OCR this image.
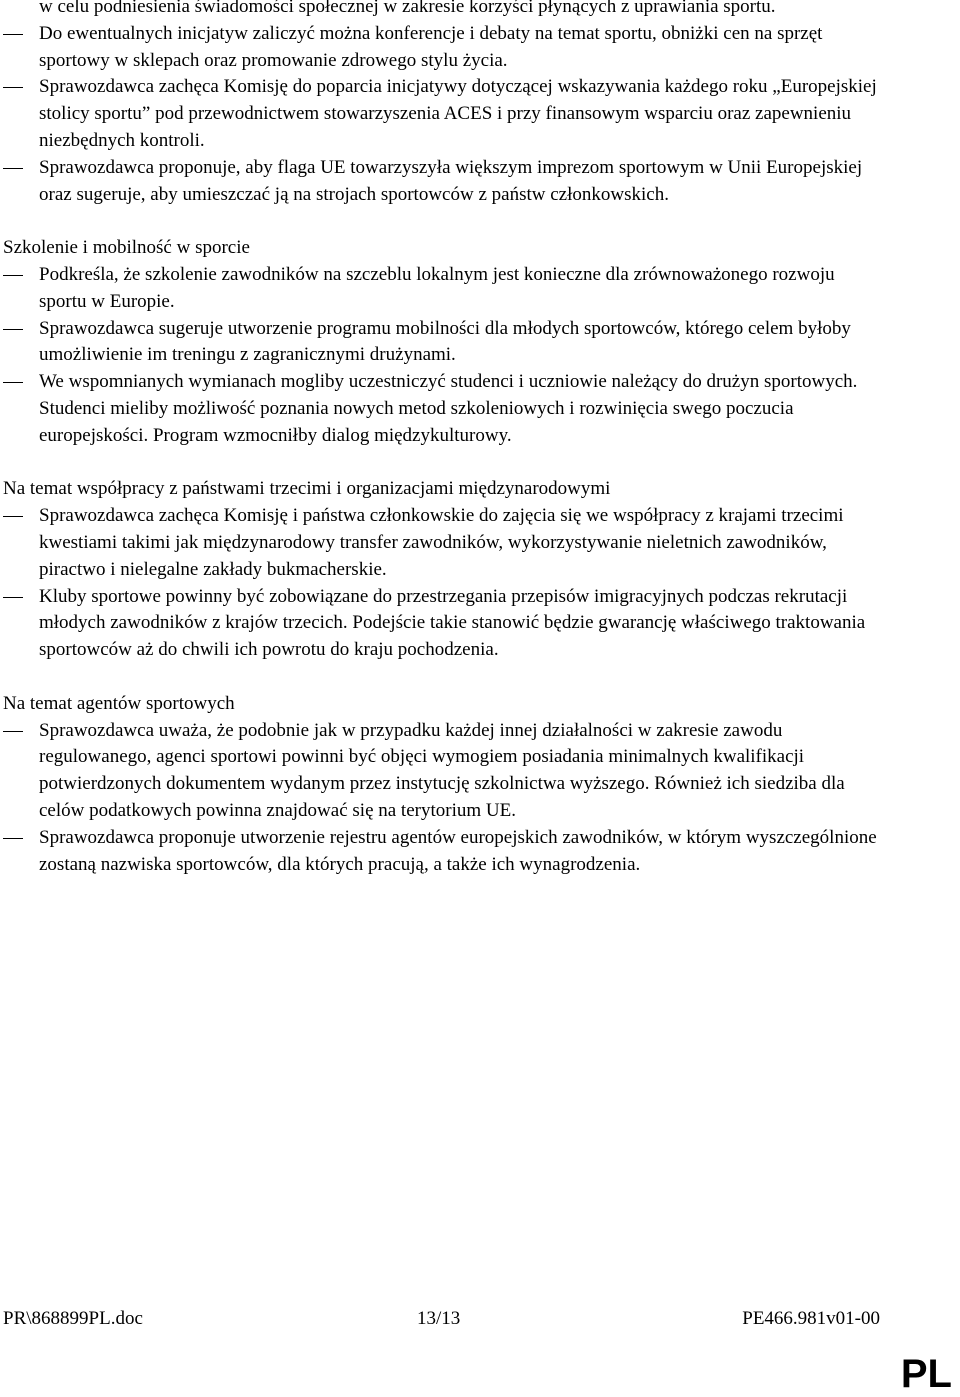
w celu podniesienia świadomości społecznej w zakresie korzyści płynących z uprawiania sportu.
Do ewentualnych inicjatyw zaliczyć można konferencje i debaty na temat sportu, obniżki cen na sprzęt sportowy w sklepach oraz promowanie zdrowego stylu życia.
Sprawozdawca zachęca Komisję do poparcia inicjatywy dotyczącej wskazywania każdego roku „Europejskiej stolicy sportu” pod przewodnictwem stowarzyszenia ACES i przy finansowym wsparciu oraz zapewnieniu niezbędnych kontroli.
Sprawozdawca proponuje, aby flaga UE towarzyszyła większym imprezom sportowym w Unii Europejskiej oraz sugeruje, aby umieszczać ją na strojach sportowców z państw członkowskich.

Szkolenie i mobilność w sporcie

Podkreśla, że szkolenie zawodników na szczeblu lokalnym jest konieczne dla zrównoważonego rozwoju sportu w Europie.
Sprawozdawca sugeruje utworzenie programu mobilności dla młodych sportowców, którego celem byłoby umożliwienie im treningu z zagranicznymi drużynami.
We wspomnianych wymianach mogliby uczestniczyć studenci i uczniowie należący do drużyn sportowych. Studenci mieliby możliwość poznania nowych metod szkoleniowych i rozwinięcia swego poczucia europejskości. Program wzmocniłby dialog międzykulturowy.

Na temat współpracy z państwami trzecimi i organizacjami międzynarodowymi

Sprawozdawca zachęca Komisję i państwa członkowskie do zajęcia się we współpracy z krajami trzecimi kwestiami takimi jak międzynarodowy transfer zawodników, wykorzystywanie nieletnich zawodników, piractwo i nielegalne zakłady bukmacherskie.
Kluby sportowe powinny być zobowiązane do przestrzegania przepisów imigracyjnych podczas rekrutacji młodych zawodników z krajów trzecich. Podejście takie stanowić będzie gwarancję właściwego traktowania sportowców aż do chwili ich powrotu do kraju pochodzenia.

Na temat agentów sportowych

Sprawozdawca uważa, że podobnie jak w przypadku każdej innej działalności w zakresie zawodu regulowanego, agenci sportowi powinni być objęci wymogiem posiadania minimalnych kwalifikacji potwierdzonych dokumentem wydanym przez instytucję szkolnictwa wyższego. Również ich siedziba dla celów podatkowych powinna znajdować się na terytorium UE.
Sprawozdawca proponuje utworzenie rejestru agentów europejskich zawodników, w którym wyszczególnione zostaną nazwiska sportowców, dla których pracują, a także ich wynagrodzenia.
PR\868899PL.doc	13/13	PE466.981v01-00
PL
